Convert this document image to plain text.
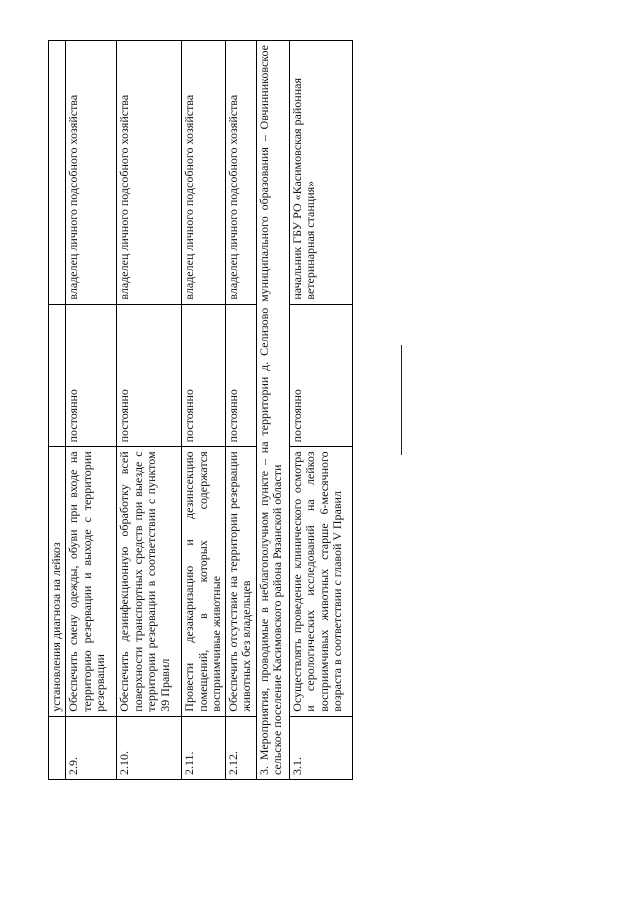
	установления диагноза на лейкоз		
2.9.	Обеспечить смену одежды, обуви при входе на территорию резервации и выходе с территории резервации	постоянно	владелец личного подсобного хозяйства
2.10.	Обеспечить дезинфекционную обработку всей поверхности транспортных средств при выезде с территории резервации в соответствии с пунктом 39 Правил	постоянно	владелец личного подсобного хозяйства
2.11.	Провести дезакаризацию и дезинсекцию помещений, в которых содержатся восприимчивые животные	постоянно	владелец личного подсобного хозяйства
2.12.	Обеспечить отсутствие на территории резервации животных без владельцев	постоянно	владелец личного подсобного хозяйства
3. Мероприятия, проводимые в неблагополучном пункте – на территории д. Селизово муниципального образования – Овчинниковское сельское поселение Касимовского района Рязанской области			
3.1.	Осуществлять проведение клинического осмотра и серологических исследований на лейкоз восприимчивых животных старше 6-месячного возраста в соответствии с главой V Правил	постоянно	начальник ГБУ РО «Касимовская районная ветеринарная станция»
